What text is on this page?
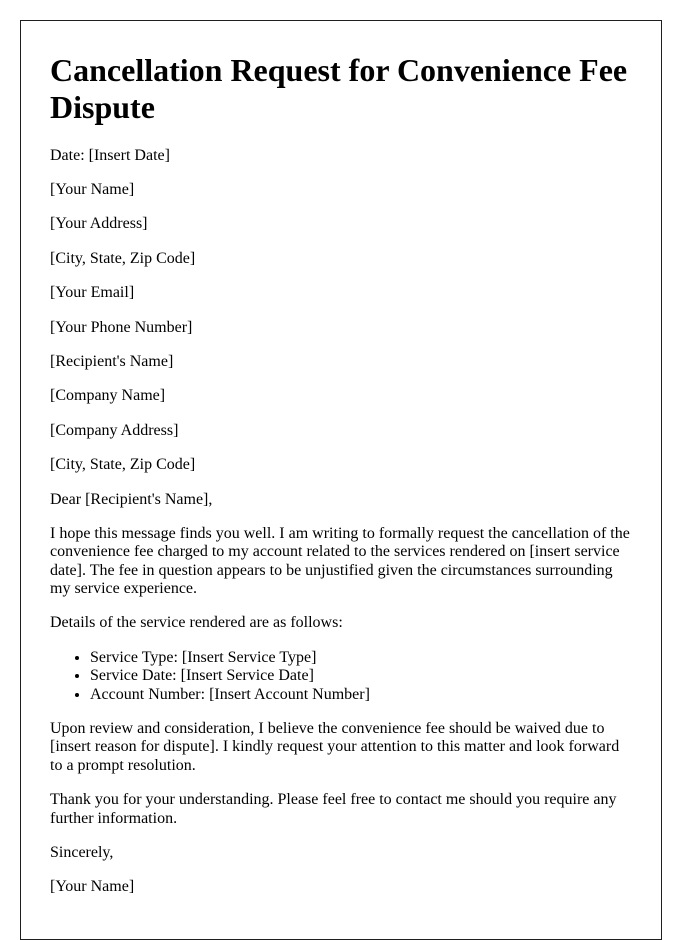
Cancellation Request for Convenience Fee
Dispute

Date: [Insert Date]

[Your Name]

[Your Address]

[City, State, Zip Code]

[Your Email]

[Your Phone Number]

[Recipient's Name]

[Company Name]

[Company Address]

[City, State, Zip Code]

Dear [Recipient's Name],

I hope this message finds you well. I am writing to formally request the cancellation of the convenience fee charged to my account related to the services rendered on [insert service date]. The fee in question appears to be unjustified given the circumstances surrounding my service experience.

Details of the service rendered are as follows:

• Service Type: [Insert Service Type]
• Service Date: [Insert Service Date]
• Account Number: [Insert Account Number]

Upon review and consideration, I believe the convenience fee should be waived due to [insert reason for dispute]. I kindly request your attention to this matter and look forward to a prompt resolution.

Thank you for your understanding. Please feel free to contact me should you require any further information.

Sincerely,

[Your Name]
